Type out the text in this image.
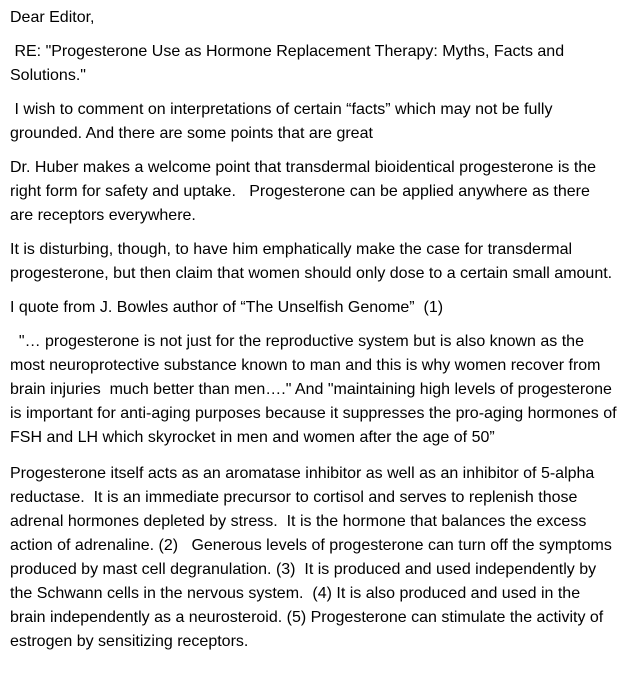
Dear Editor,

RE: "Progesterone Use as Hormone Replacement Therapy: Myths, Facts and Solutions."

I wish to comment on interpretations of certain “facts” which may not be fully grounded. And there are some points that are great

Dr. Huber makes a welcome point that transdermal bioidentical progesterone is the right form for safety and uptake.   Progesterone can be applied anywhere as there are receptors everywhere.

It is disturbing, though, to have him emphatically make the case for transdermal progesterone, but then claim that women should only dose to a certain small amount.

I quote from J. Bowles author of “The Unselfish Genome”  (1)

"… progesterone is not just for the reproductive system but is also known as the most neuroprotective substance known to man and this is why women recover from brain injuries  much better than men…." And "maintaining high levels of progesterone is important for anti-aging purposes because it suppresses the pro-aging hormones of FSH and LH which skyrocket in men and women after the age of 50”

Progesterone itself acts as an aromatase inhibitor as well as an inhibitor of 5-alpha reductase.  It is an immediate precursor to cortisol and serves to replenish those adrenal hormones depleted by stress.  It is the hormone that balances the excess action of adrenaline. (2)   Generous levels of progesterone can turn off the symptoms produced by mast cell degranulation. (3)  It is produced and used independently by the Schwann cells in the nervous system.  (4) It is also produced and used in the brain independently as a neurosteroid. (5) Progesterone can stimulate the activity of estrogen by sensitizing receptors.
